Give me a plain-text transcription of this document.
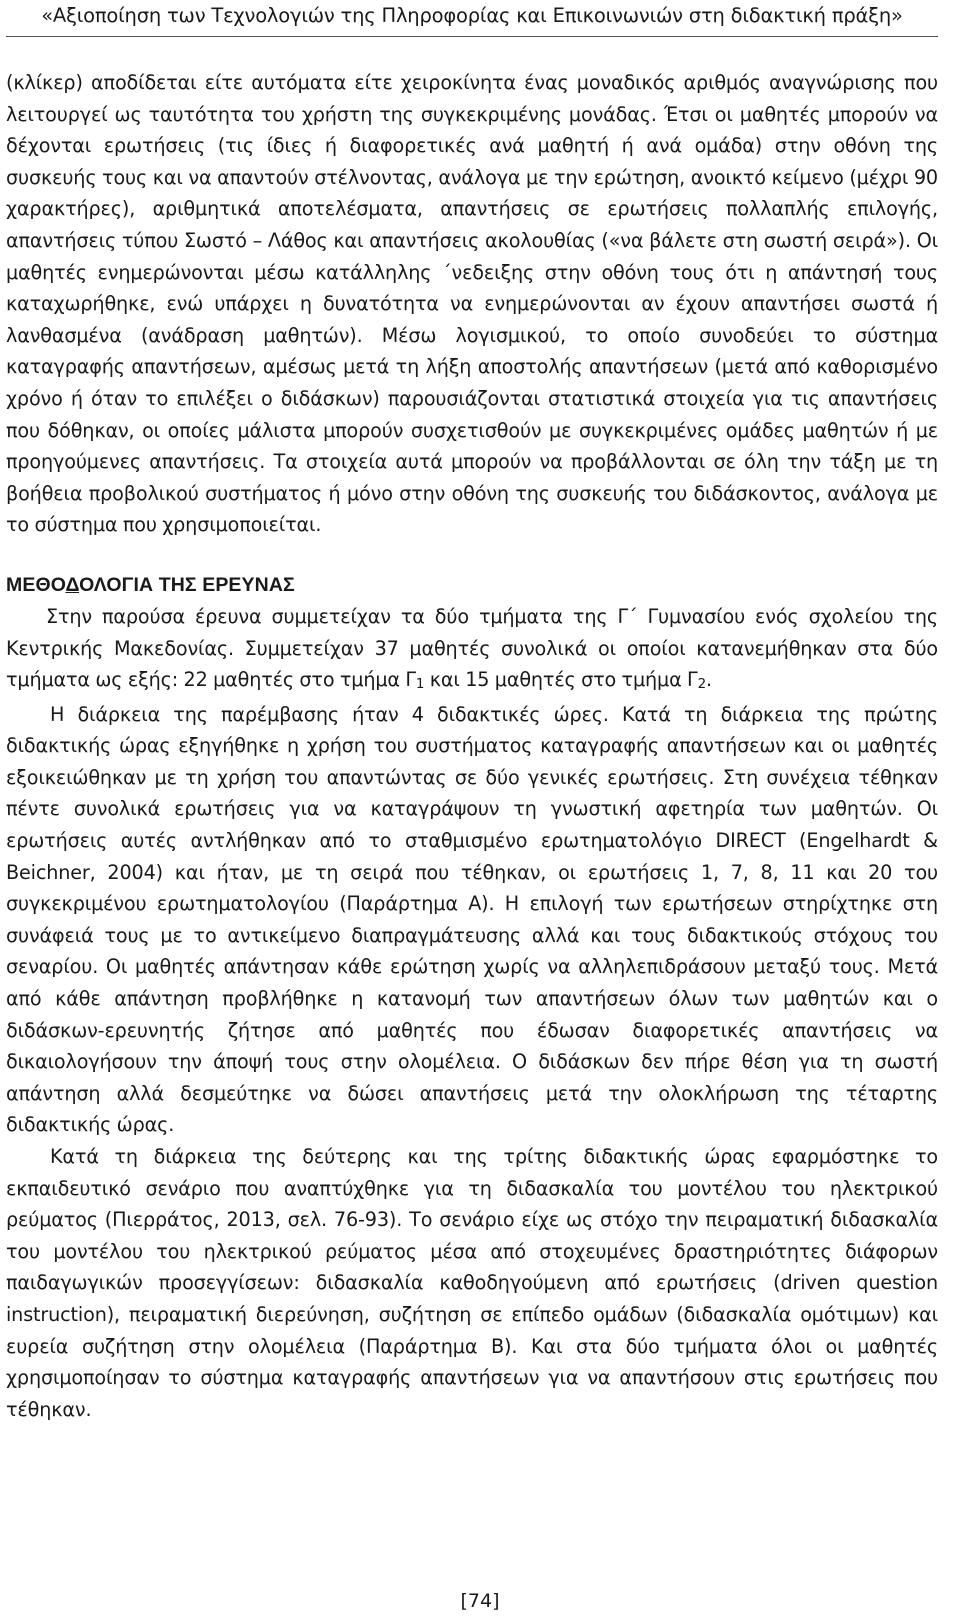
«Αξιοποίηση των Τεχνολογιών της Πληροφορίας και Επικοινωνιών στη διδακτική πράξη»

(κλίκερ) αποδίδεται είτε αυτόματα είτε χειροκίνητα ένας μοναδικός αριθμός αναγνώρισης που λειτουργεί ως ταυτότητα του χρήστη της συγκεκριμένης μονάδας. Έτσι οι μαθητές μπορούν να δέχονται ερωτήσεις (τις ίδιες ή διαφορετικές ανά μαθητή ή ανά ομάδα) στην οθόνη της συσκευής τους και να απαντούν στέλνοντας, ανάλογα με την ερώτηση, ανοικτό κείμενο (μέχρι 90 χαρακτήρες), αριθμητικά αποτελέσματα, απαντήσεις σε ερωτήσεις πολλαπλής επιλογής, απαντήσεις τύπου Σωστό – Λάθος και απαντήσεις ακολουθίας («να βάλετε στη σωστή σειρά»). Οι μαθητές ενημερώνονται μέσω κατάλληλης ΄νεδειξης στην οθόνη τους ότι η απάντησή τους καταχωρήθηκε, ενώ υπάρχει η δυνατότητα να ενημερώνονται αν έχουν απαντήσει σωστά ή λανθασμένα (ανάδραση μαθητών). Μέσω λογισμικού, το οποίο συνοδεύει το σύστημα καταγραφής απαντήσεων, αμέσως μετά τη λήξη αποστολής απαντήσεων (μετά από καθορισμένο χρόνο ή όταν το επιλέξει ο διδάσκων) παρουσιάζονται στατιστικά στοιχεία για τις απαντήσεις που δόθηκαν, οι οποίες μάλιστα μπορούν συσχετισθούν με συγκεκριμένες ομάδες μαθητών ή με προηγούμενες απαντήσεις. Τα στοιχεία αυτά μπορούν να προβάλλονται σε όλη την τάξη με τη βοήθεια προβολικού συστήματος ή μόνο στην οθόνη της συσκευής του διδάσκοντος, ανάλογα με το σύστημα που χρησιμοποιείται.

ΜΕΘΟΔΟΛΟΓΙΑ ΤΗΣ ΕΡΕΥΝΑΣ

Στην παρούσα έρευνα συμμετείχαν τα δύο τμήματα της Γ΄ Γυμνασίου ενός σχολείου της Κεντρικής Μακεδονίας. Συμμετείχαν 37 μαθητές συνολικά οι οποίοι κατανεμήθηκαν στα δύο τμήματα ως εξής: 22 μαθητές στο τμήμα $\Gamma_1$ και 15 μαθητές στο τμήμα $\Gamma_2$.

Η διάρκεια της παρέμβασης ήταν 4 διδακτικές ώρες. Κατά τη διάρκεια της πρώτης διδακτικής ώρας εξηγήθηκε η χρήση του συστήματος καταγραφής απαντήσεων και οι μαθητές εξοικειώθηκαν με τη χρήση του απαντώντας σε δύο γενικές ερωτήσεις. Στη συνέχεια τέθηκαν πέντε συνολικά ερωτήσεις για να καταγράψουν τη γνωστική αφετηρία των μαθητών. Οι ερωτήσεις αυτές αντλήθηκαν από το σταθμισμένο ερωτηματολόγιο DIRECT (Engelhardt & Beichner, 2004) και ήταν, με τη σειρά που τέθηκαν, οι ερωτήσεις 1, 7, 8, 11 και 20 του συγκεκριμένου ερωτηματολογίου (Παράρτημα Α). Η επιλογή των ερωτήσεων στηρίχτηκε στη συνάφειά τους με το αντικείμενο διαπραγμάτευσης αλλά και τους διδακτικούς στόχους του σεναρίου. Οι μαθητές απάντησαν κάθε ερώτηση χωρίς να αλληλεπιδράσουν μεταξύ τους. Μετά από κάθε απάντηση προβλήθηκε η κατανομή των απαντήσεων όλων των μαθητών και ο διδάσκων-ερευνητής ζήτησε από μαθητές που έδωσαν διαφορετικές απαντήσεις να δικαιολογήσουν την άποψή τους στην ολομέλεια. Ο διδάσκων δεν πήρε θέση για τη σωστή απάντηση αλλά δεσμεύτηκε να δώσει απαντήσεις μετά την ολοκλήρωση της τέταρτης διδακτικής ώρας.

Κατά τη διάρκεια της δεύτερης και της τρίτης διδακτικής ώρας εφαρμόστηκε το εκπαιδευτικό σενάριο που αναπτύχθηκε για τη διδασκαλία του μοντέλου του ηλεκτρικού ρεύματος (Πιερράτος, 2013, σελ. 76-93). Το σενάριο είχε ως στόχο την πειραματική διδασκαλία του μοντέλου του ηλεκτρικού ρεύματος μέσα από στοχευμένες δραστηριότητες διάφορων παιδαγωγικών προσεγγίσεων: διδασκαλία καθοδηγούμενη από ερωτήσεις (driven question instruction), πειραματική διερεύνηση, συζήτηση σε επίπεδο ομάδων (διδασκαλία ομότιμων) και ευρεία συζήτηση στην ολομέλεια (Παράρτημα Β). Και στα δύο τμήματα όλοι οι μαθητές χρησιμοποίησαν το σύστημα καταγραφής απαντήσεων για να απαντήσουν στις ερωτήσεις που τέθηκαν.

[74]
